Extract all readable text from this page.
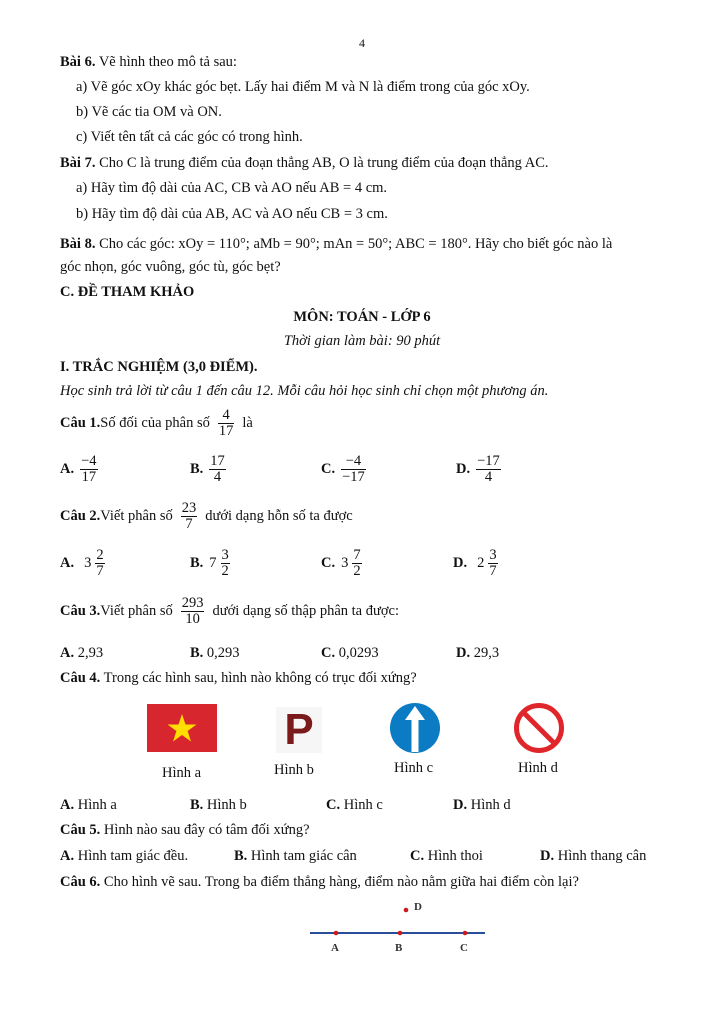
4
Bài 6. Vẽ hình theo mô tả sau:
a) Vẽ góc xOy khác góc bẹt. Lấy hai điểm M và N là điểm trong của góc xOy.
b) Vẽ các tia OM và ON.
c) Viết tên tất cả các góc có trong hình.
Bài 7. Cho C là trung điểm của đoạn thẳng AB, O là trung điểm của đoạn thẳng AC.
a) Hãy tìm độ dài của AC, CB và AO nếu AB = 4 cm.
b) Hãy tìm độ dài của AB, AC và AO nếu CB = 3 cm.
Bài 8. Cho các góc: xOy = 110°; aMb = 90°; mAn = 50°; ABC = 180°. Hãy cho biết góc nào là
góc nhọn, góc vuông, góc tù, góc bẹt?
C. ĐỀ THAM KHẢO
MÔN: TOÁN - LỚP 6
Thời gian làm bài: 90 phút
I. TRẮC NGHIỆM (3,0 ĐIỂM).
Học sinh trả lời từ câu 1 đến câu 12. Mỗi câu hỏi học sinh chỉ chọn một phương án.
Câu 1. Số đối của phân số $\frac{4}{17}$ là
A. $\frac{-4}{17}$	B. $\frac{17}{4}$	C. $\frac{-4}{-17}$	D. $\frac{-17}{4}$
Câu 2. Viết phân số $\frac{23}{7}$ dưới dạng hỗn số ta được
A. $3 \frac{2}{7}$	B. $7 \frac{3}{2}$	C. $3 \frac{7}{2}$	D. $2 \frac{3}{7}$
Câu 3. Viết phân số $\frac{293}{10}$ dưới dạng số thập phân ta được:
A. 2,93	B. 0,293	C. 0,0293	D. 29,3
Câu 4. Trong các hình sau, hình nào không có trục đối xứng?
P
Hình a	Hình b	Hình c	Hình d
A. Hình a	B. Hình b	C. Hình c	D. Hình d
Câu 5. Hình nào sau đây có tâm đối xứng?
A. Hình tam giác đều.	B. Hình tam giác cân	C. Hình thoi	D. Hình thang cân
Câu 6. Cho hình vẽ sau. Trong ba điểm thẳng hàng, điểm nào nằm giữa hai điểm còn lại?
A	B	C
D
